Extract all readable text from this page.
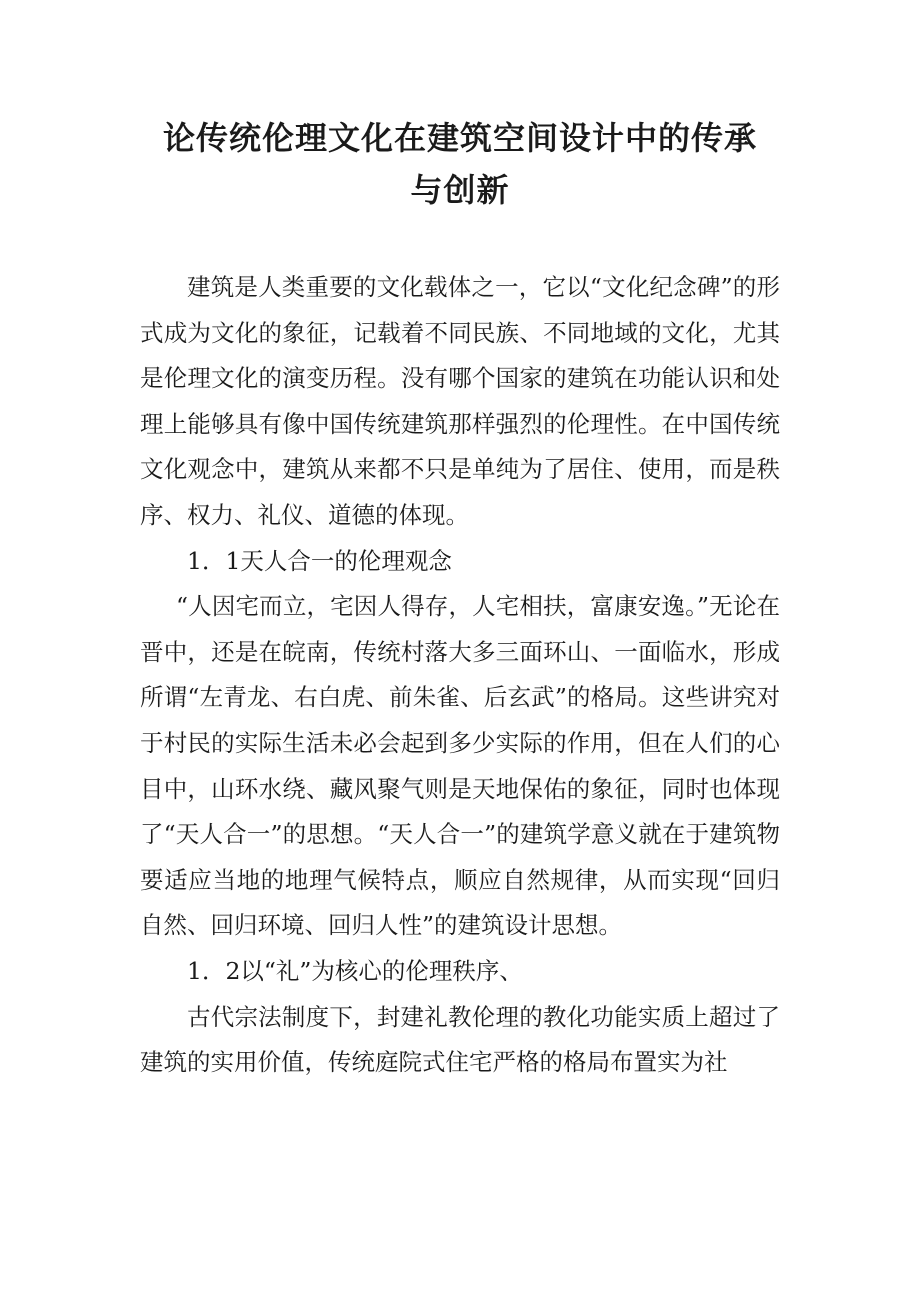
论传统伦理文化在建筑空间设计中的传承
与创新

建筑是人类重要的文化载体之一，它以“文化纪念碑”的形式成为文化的象征，记载着不同民族、不同地域的文化，尤其是伦理文化的演变历程。没有哪个国家的建筑在功能认识和处理上能够具有像中国传统建筑那样强烈的伦理性。在中国传统文化观念中，建筑从来都不只是单纯为了居住、使用，而是秩序、权力、礼仪、道德的体现。

1．1天人合一的伦理观念

“人因宅而立，宅因人得存，人宅相扶，富康安逸。”无论在晋中，还是在皖南，传统村落大多三面环山、一面临水，形成所谓“左青龙、右白虎、前朱雀、后玄武”的格局。这些讲究对于村民的实际生活未必会起到多少实际的作用，但在人们的心目中，山环水绕、藏风聚气则是天地保佑的象征，同时也体现了“天人合一”的思想。“天人合一”的建筑学意义就在于建筑物要适应当地的地理气候特点，顺应自然规律，从而实现“回归自然、回归环境、回归人性”的建筑设计思想。

1．2以“礼”为核心的伦理秩序、

古代宗法制度下，封建礼教伦理的教化功能实质上超过了建筑的实用价值，传统庭院式住宅严格的格局布置实为社
